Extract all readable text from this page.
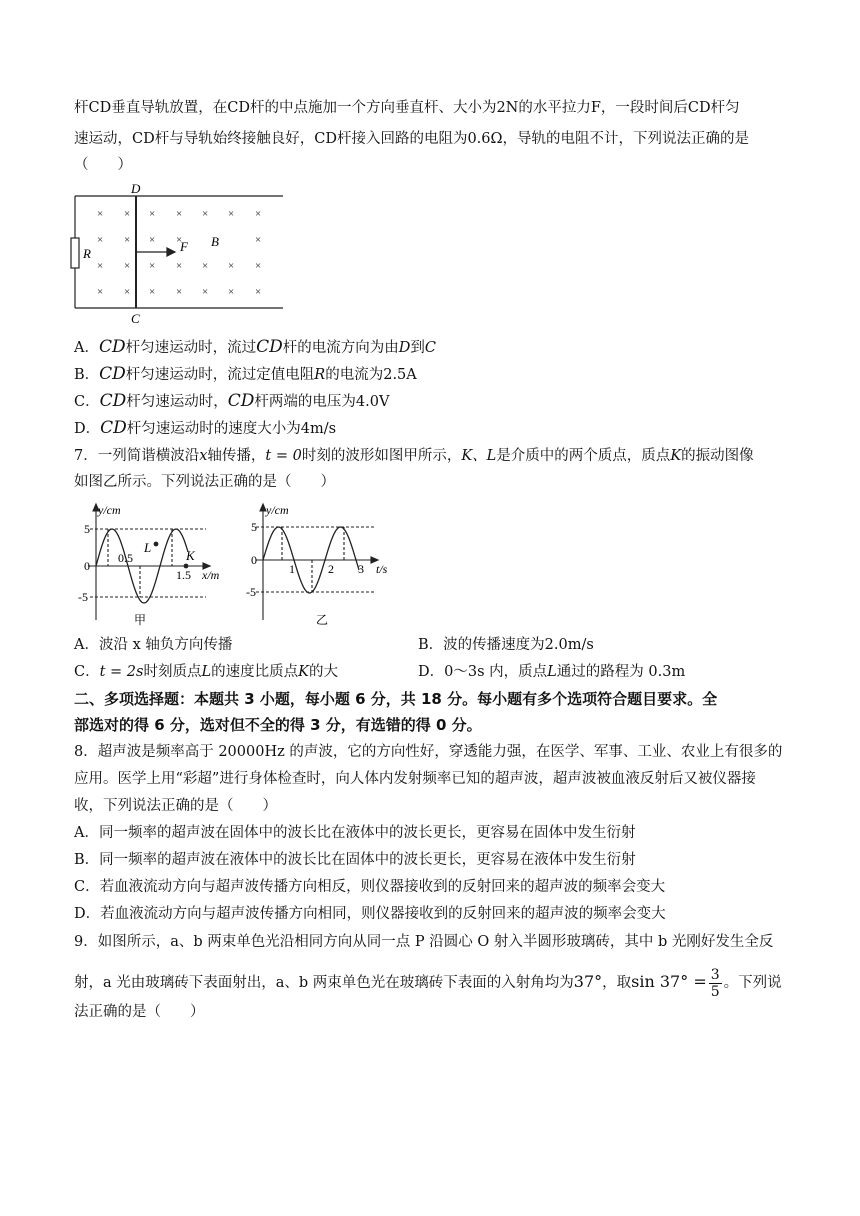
杆CD垂直导轨放置，在CD杆的中点施加一个方向垂直杆、大小为2N的水平拉力F，一段时间后CD杆匀
速运动，CD杆与导轨始终接触良好，CD杆接入回路的电阻为0.6Ω，导轨的电阻不计，下列说法正确的是
（　　）
D
C
R	F B
× × × × × × ×
× × × ×	×
× × × × × × ×
× × × × × × ×
A．CD杆匀速运动时，流过CD杆的电流方向为由D到C
B．CD杆匀速运动时，流过定值电阻R的电流为2.5A
C．CD杆匀速运动时，CD杆两端的电压为4.0V
D．CD杆匀速运动时的速度大小为4m/s
7．一列简谐横波沿x轴传播，t = 0时刻的波形如图甲所示，K、L是介质中的两个质点，质点K的振动图像
如图乙所示。下列说法正确的是（　　）
y/cm
5
-5
0
0.5
1.5
L
K
x/m
甲
y/cm
5
-5
0
1	2 3 t/s
乙
A．波沿 x 轴负方向传播	B．波的传播速度为2.0m/s
C．t = 2s时刻质点L的速度比质点K的大	D．0～3s 内，质点L通过的路程为 0.3m
二、多项选择题：本题共 3 小题，每小题 6 分，共 18 分。每小题有多个选项符合题目要求。全
部选对的得 6 分，选对但不全的得 3 分，有选错的得 0 分。
8．超声波是频率高于 20000Hz 的声波，它的方向性好，穿透能力强，在医学、军事、工业、农业上有很多的
应用。医学上用“彩超”进行身体检查时，向人体内发射频率已知的超声波，超声波被血液反射后又被仪器接
收，下列说法正确的是（　　）
A．同一频率的超声波在固体中的波长比在液体中的波长更长，更容易在固体中发生衍射
B．同一频率的超声波在液体中的波长比在固体中的波长更长，更容易在液体中发生衍射
C．若血液流动方向与超声波传播方向相反，则仪器接收到的反射回来的超声波的频率会变大
D．若血液流动方向与超声波传播方向相同，则仪器接收到的反射回来的超声波的频率会变大
9．如图所示，a、b 两束单色光沿相同方向从同一点 P 沿圆心 O 射入半圆形玻璃砖，其中 b 光刚好发生全反
射，a 光由玻璃砖下表面射出，a、b 两束单色光在玻璃砖下表面的入射角均为37°，取$\sin 37^\circ = \frac{3}{5}$ 。下列说
法正确的是（　　）
